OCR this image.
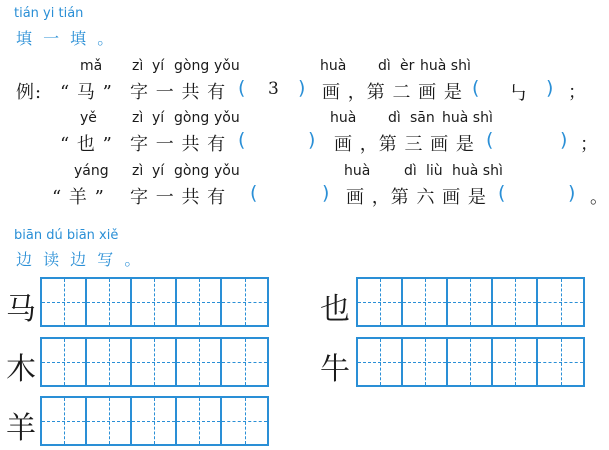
tián yi tián
填 一 填 。
mǎ zì yí gòng yǒu	huà dì èr huà shì
例: “ 马 ” 字 一 共 有 ( 3 ) 画 ，第 二 画 是 ( ㇉ ) ；
yě	zì yí gòng yǒu	huà dì sān huà shì
“ 也 ” 字 一 共 有 (	) 画 ，第 三 画 是 (	) ；
yáng zì yí gòng yǒu	huà dì liù huà shì
“ 羊 ” 字 一 共 有 (	) 画 ，第 六 画 是 (	) 。
biān dú biān xiě
边 读 边 写 。
马
木
羊
也
牛
